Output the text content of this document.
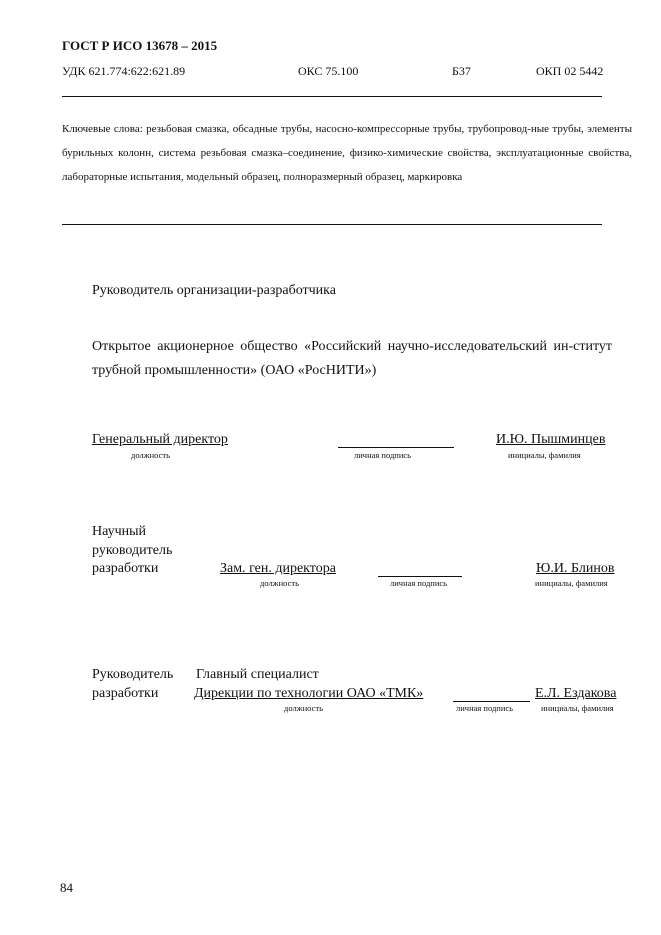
ГОСТ Р ИСО 13678 – 2015
УДК 621.774:622:621.89	ОКС 75.100	Б37	ОКП 02 5442
Ключевые слова: резьбовая смазка, обсадные трубы, насосно-компрессорные трубы, трубопровод-ные трубы, элементы бурильных колонн, система резьбовая смазка–соединение, физико-химические свойства, эксплуатационные свойства, лабораторные испытания, модельный образец, полноразмерный образец, маркировка
Руководитель организации-разработчика
Открытое акционерное общество «Российский научно-исследовательский ин-ститут трубной промышленности» (ОАО «РосНИТИ»)
Генеральный директор	И.Ю. Пышминцев
должность	личная подпись	инициалы, фамилия
Научный
руководитель
разработки	Зам. ген. директора	Ю.И. Блинов
должность	личная подпись	инициалы, фамилия
Руководитель
разработки
Главный специалист
Дирекции по технологии ОАО «ТМК»	Е.Л. Ездакова
должность	личная подпись	инициалы, фамилия
84
